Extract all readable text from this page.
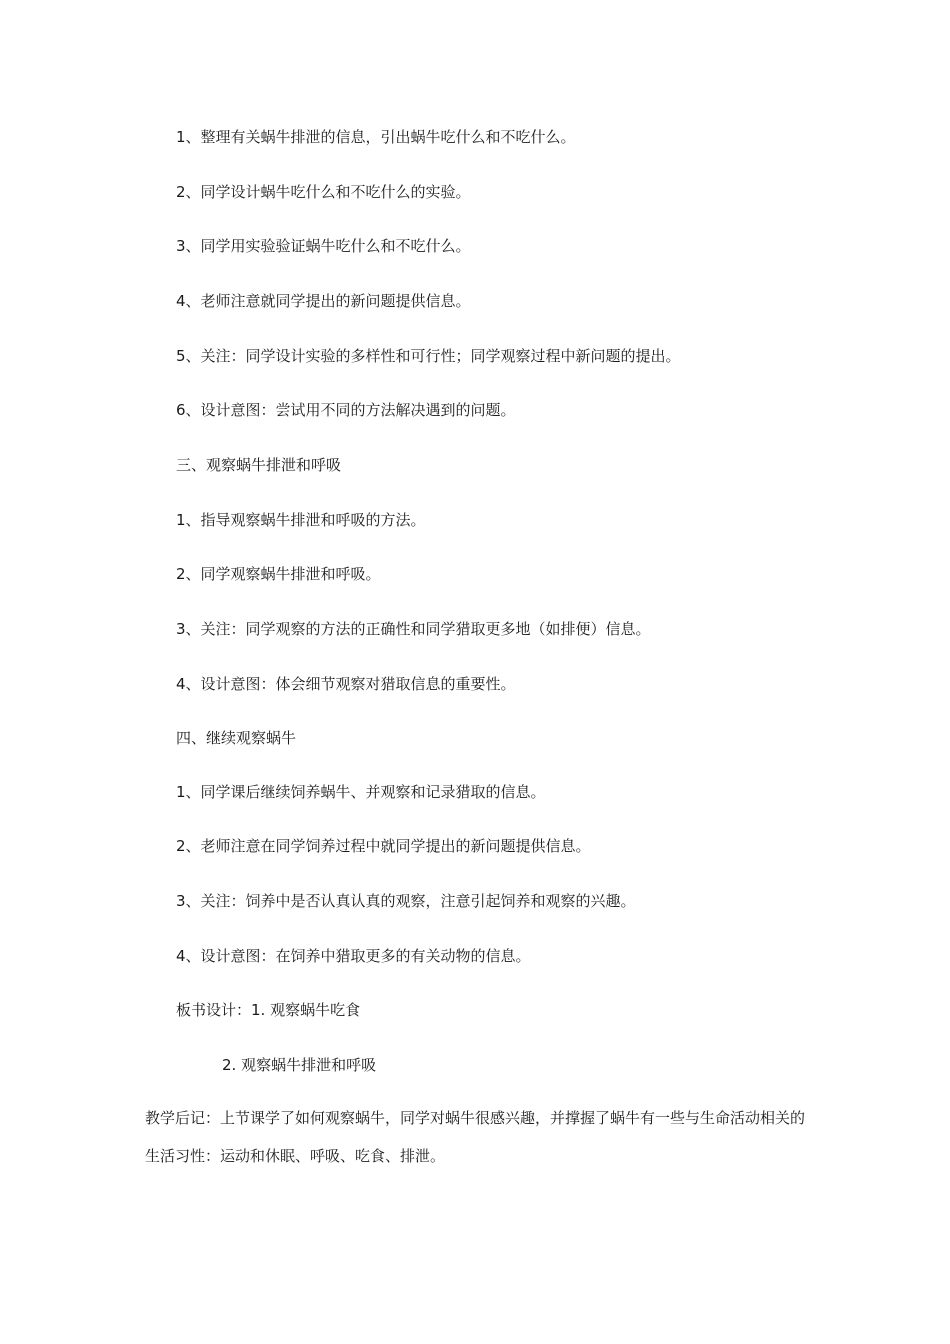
1、整理有关蜗牛排泄的信息，引出蜗牛吃什么和不吃什么。

2、同学设计蜗牛吃什么和不吃什么的实验。

3、同学用实验验证蜗牛吃什么和不吃什么。

4、老师注意就同学提出的新问题提供信息。

5、关注：同学设计实验的多样性和可行性；同学观察过程中新问题的提出。

6、设计意图：尝试用不同的方法解决遇到的问题。

三、观察蜗牛排泄和呼吸

1、指导观察蜗牛排泄和呼吸的方法。

2、同学观察蜗牛排泄和呼吸。

3、关注：同学观察的方法的正确性和同学猎取更多地（如排便）信息。

4、设计意图：体会细节观察对猎取信息的重要性。

四、继续观察蜗牛

1、同学课后继续饲养蜗牛、并观察和记录猎取的信息。

2、老师注意在同学饲养过程中就同学提出的新问题提供信息。

3、关注：饲养中是否认真认真的观察，注意引起饲养和观察的兴趣。

4、设计意图：在饲养中猎取更多的有关动物的信息。

板书设计：1. 观察蜗牛吃食

2. 观察蜗牛排泄和呼吸

教学后记：上节课学了如何观察蜗牛，同学对蜗牛很感兴趣，并撑握了蜗牛有一些与生命活动相关的生活习性：运动和休眠、呼吸、吃食、排泄。
